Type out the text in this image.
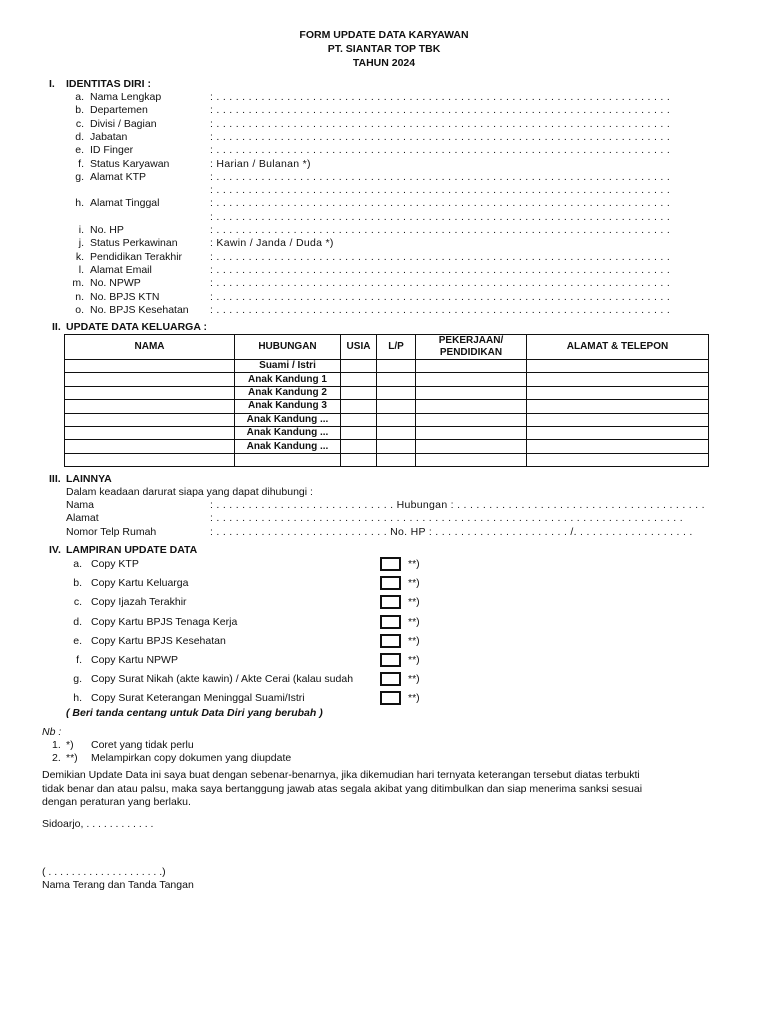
FORM UPDATE DATA KARYAWAN
PT. SIANTAR TOP TBK
TAHUN 2024
I. IDENTITAS DIRI :
a. Nama Lengkap	: . . . . . . . . . . . . . . . . . . . . . . . . . . . . . . . . . . . . . . . . . . . . . . . . . . . . . . . . . . . . . . . . . . . . . . .
b. Departemen	: . . . . . . . . . . . . . . . . . . . . . . . . . . . . . . . . . . . . . . . . . . . . . . . . . . . . . . . . . . . . . . . . . . . . . . .
c. Divisi / Bagian	: . . . . . . . . . . . . . . . . . . . . . . . . . . . . . . . . . . . . . . . . . . . . . . . . . . . . . . . . . . . . . . . . . . . . . . .
d. Jabatan	: . . . . . . . . . . . . . . . . . . . . . . . . . . . . . . . . . . . . . . . . . . . . . . . . . . . . . . . . . . . . . . . . . . . . . . .
e. ID Finger	: . . . . . . . . . . . . . . . . . . . . . . . . . . . . . . . . . . . . . . . . . . . . . . . . . . . . . . . . . . . . . . . . . . . . . . .
f. Status Karyawan	: Harian / Bulanan *)
g. Alamat KTP	: . . . . . . . . . . . . . . . . . . . . . . . . . . . . . . . . . . . . . . . . . . . . . . . . . . . . . . . . . . . . . . . . . . . . . . .
: . . . . . . . . . . . . . . . . . . . . . . . . . . . . . . . . . . . . . . . . . . . . . . . . . . . . . . . . . . . . . . . . . . . . . . .
h. Alamat Tinggal	: . . . . . . . . . . . . . . . . . . . . . . . . . . . . . . . . . . . . . . . . . . . . . . . . . . . . . . . . . . . . . . . . . . . . . . .
: . . . . . . . . . . . . . . . . . . . . . . . . . . . . . . . . . . . . . . . . . . . . . . . . . . . . . . . . . . . . . . . . . . . . . . .
i. No. HP	: . . . . . . . . . . . . . . . . . . . . . . . . . . . . . . . . . . . . . . . . . . . . . . . . . . . . . . . . . . . . . . . . . . . . . . .
j. Status Perkawinan	: Kawin / Janda / Duda *)
k. Pendidikan Terakhir	: . . . . . . . . . . . . . . . . . . . . . . . . . . . . . . . . . . . . . . . . . . . . . . . . . . . . . . . . . . . . . . . . . . . . . . .
l. Alamat Email	: . . . . . . . . . . . . . . . . . . . . . . . . . . . . . . . . . . . . . . . . . . . . . . . . . . . . . . . . . . . . . . . . . . . . . . .
m. No. NPWP	: . . . . . . . . . . . . . . . . . . . . . . . . . . . . . . . . . . . . . . . . . . . . . . . . . . . . . . . . . . . . . . . . . . . . . . .
n. No. BPJS KTN	: . . . . . . . . . . . . . . . . . . . . . . . . . . . . . . . . . . . . . . . . . . . . . . . . . . . . . . . . . . . . . . . . . . . . . . .
o. No. BPJS Kesehatan : . . . . . . . . . . . . . . . . . . . . . . . . . . . . . . . . . . . . . . . . . . . . . . . . . . . . . . . . . . . . . . . . . . . . . . .
II. UPDATE DATA KELUARGA :
NAMA	HUBUNGAN	USIA	L/P	PEKERJAAN/ PENDIDIKAN	ALAMAT & TELEPON
	Suami / Istri				
	Anak Kandung 1				
	Anak Kandung 2				
	Anak Kandung 3				
	Anak Kandung ...				
	Anak Kandung ...				
	Anak Kandung ...				

III. LAINNYA
Dalam keadaan darurat siapa yang dapat dihubungi :
Nama	: . . . . . . . . . . . . . . . . . . . . . . . . . . . . Hubungan : . . . . . . . . . . . . . . . . . . . . . . . . . . . . . . . . . . . . . . .
Alamat	: . . . . . . . . . . . . . . . . . . . . . . . . . . . . . . . . . . . . . . . . . . . . . . . . . . . . . . . . . . . . . . . . . . . . . . . . .
Nomor Telp Rumah	: . . . . . . . . . . . . . . . . . . . . . . . . . . . No. HP : . . . . . . . . . . . . . . . . . . . . . /. . . . . . . . . . . . . . . . . . .
IV. LAMPIRAN UPDATE DATA
a. Copy KTP	**)
b. Copy Kartu Keluarga	**)
c. Copy Ijazah Terakhir	**)
d. Copy Kartu BPJS Tenaga Kerja	**)
e. Copy Kartu BPJS Kesehatan	**)
f. Copy Kartu NPWP	**)
g. Copy Surat Nikah (akte kawin) / Akte Cerai (kalau sudah	**)
h. Copy Surat Keterangan Meninggal Suami/Istri	**)
( Beri tanda centang untuk Data Diri yang berubah )
Nb :
1. *) Coret yang tidak perlu
2. **) Melampirkan copy dokumen yang diupdate
Demikian Update Data ini saya buat dengan sebenar-benarnya, jika dikemudian hari ternyata keterangan tersebut diatas terbukti
tidak benar dan atau palsu, maka saya bertanggung jawab atas segala akibat yang ditimbulkan dan siap menerima sanksi sesuai
dengan peraturan yang berlaku.
Sidoarjo, . . . . . . . . . . . .
( . . . . . . . . . . . . . . . . . . . .)
Nama Terang dan Tanda Tangan
